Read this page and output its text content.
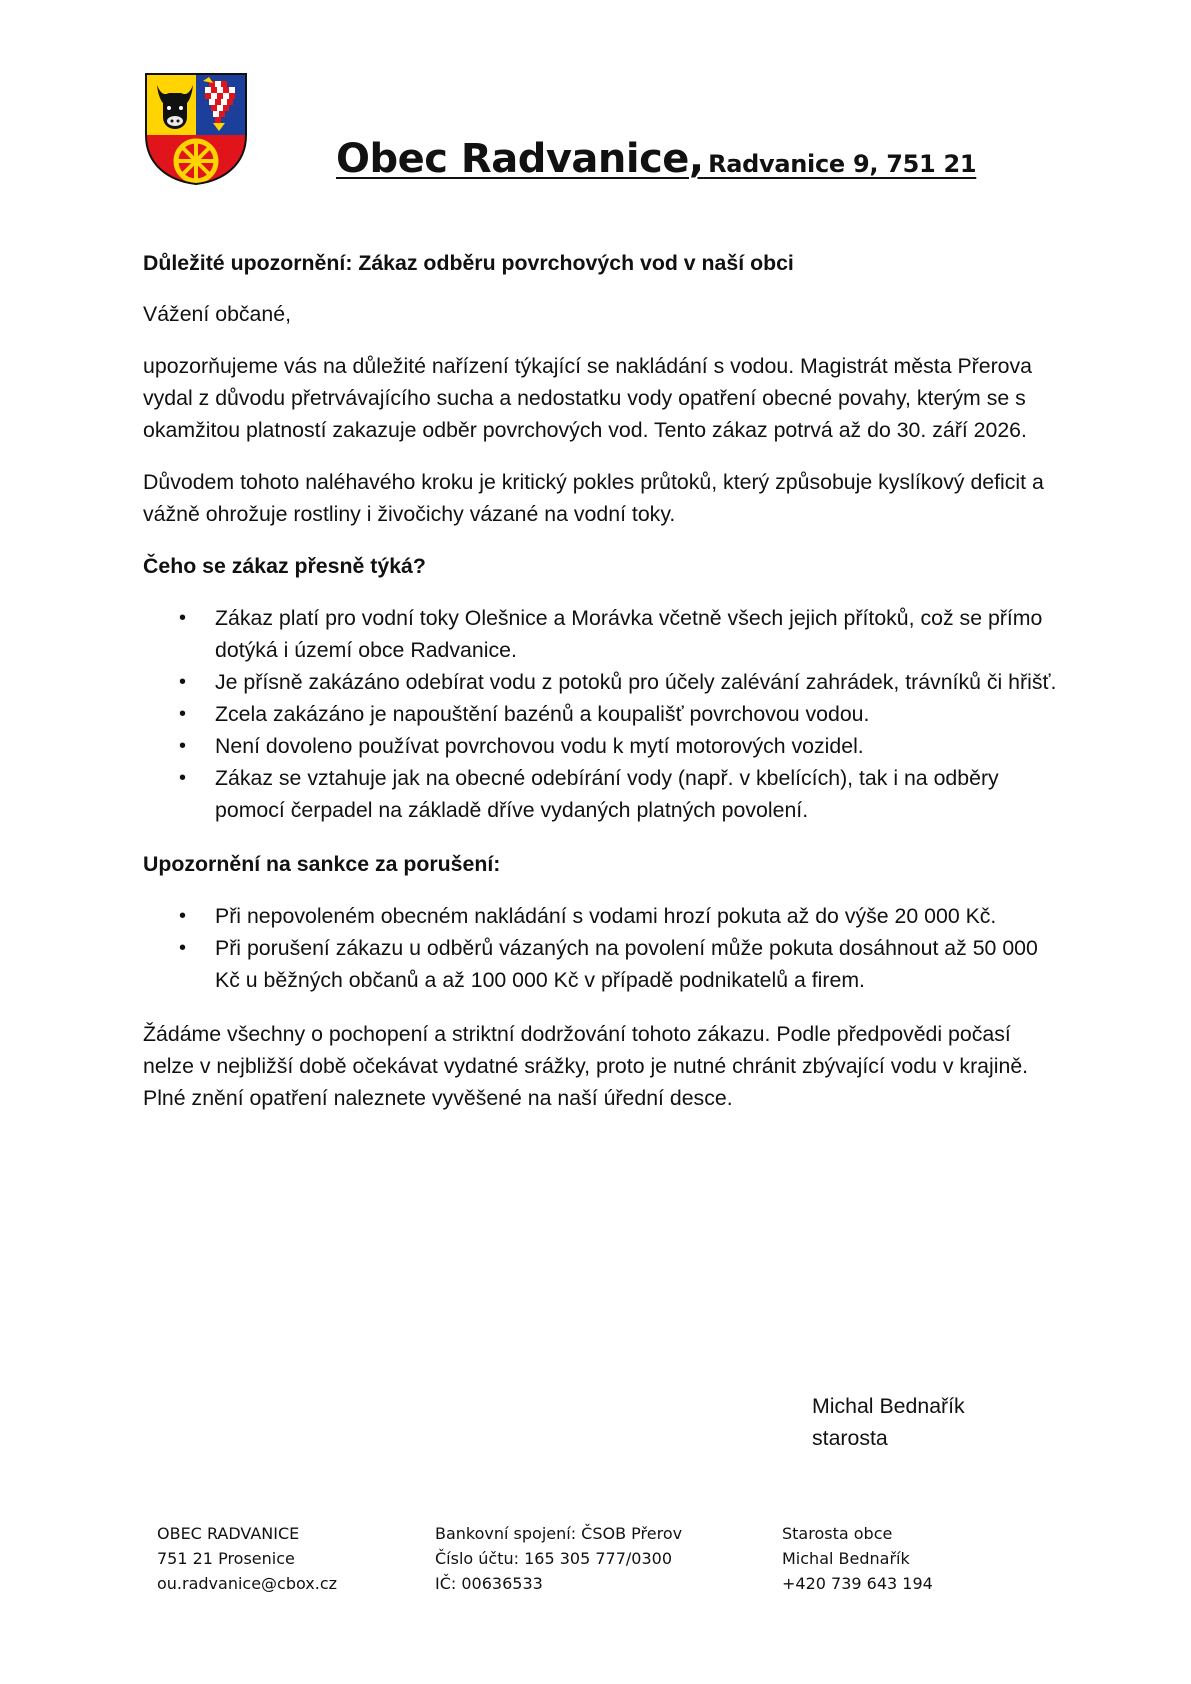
Obec Radvanice, Radvanice 9, 751 21

Důležité upozornění: Zákaz odběru povrchových vod v naší obci

Vážení občané,

upozorňujeme vás na důležité nařízení týkající se nakládání s vodou. Magistrát města Přerova vydal z důvodu přetrvávajícího sucha a nedostatku vody opatření obecné povahy, kterým se s okamžitou platností zakazuje odběr povrchových vod. Tento zákaz potrvá až do 30. září 2026.

Důvodem tohoto naléhavého kroku je kritický pokles průtoků, který způsobuje kyslíkový deficit a vážně ohrožuje rostliny i živočichy vázané na vodní toky.

Čeho se zákaz přesně týká?

• Zákaz platí pro vodní toky Olešnice a Morávka včetně všech jejich přítoků, což se přímo dotýká i území obce Radvanice.
• Je přísně zakázáno odebírat vodu z potoků pro účely zalévání zahrádek, trávníků či hřišť.
• Zcela zakázáno je napouštění bazénů a koupališť povrchovou vodou.
• Není dovoleno používat povrchovou vodu k mytí motorových vozidel.
• Zákaz se vztahuje jak na obecné odebírání vody (např. v kbelících), tak i na odběry pomocí čerpadel na základě dříve vydaných platných povolení.

Upozornění na sankce za porušení:

• Při nepovoleném obecném nakládání s vodami hrozí pokuta až do výše 20 000 Kč.
• Při porušení zákazu u odběrů vázaných na povolení může pokuta dosáhnout až 50 000 Kč u běžných občanů a až 100 000 Kč v případě podnikatelů a firem.

Žádáme všechny o pochopení a striktní dodržování tohoto zákazu. Podle předpovědi počasí nelze v nejbližší době očekávat vydatné srážky, proto je nutné chránit zbývající vodu v krajině. Plné znění opatření naleznete vyvěšené na naší úřední desce.

Michal Bednařík
starosta
OBEC RADVANICE
751 21 Prosenice
ou.radvanice@cbox.cz
Bankovní spojení: ČSOB Přerov
Číslo účtu: 165 305 777/0300
IČ: 00636533
Starosta obce
Michal Bednařík
+420 739 643 194
